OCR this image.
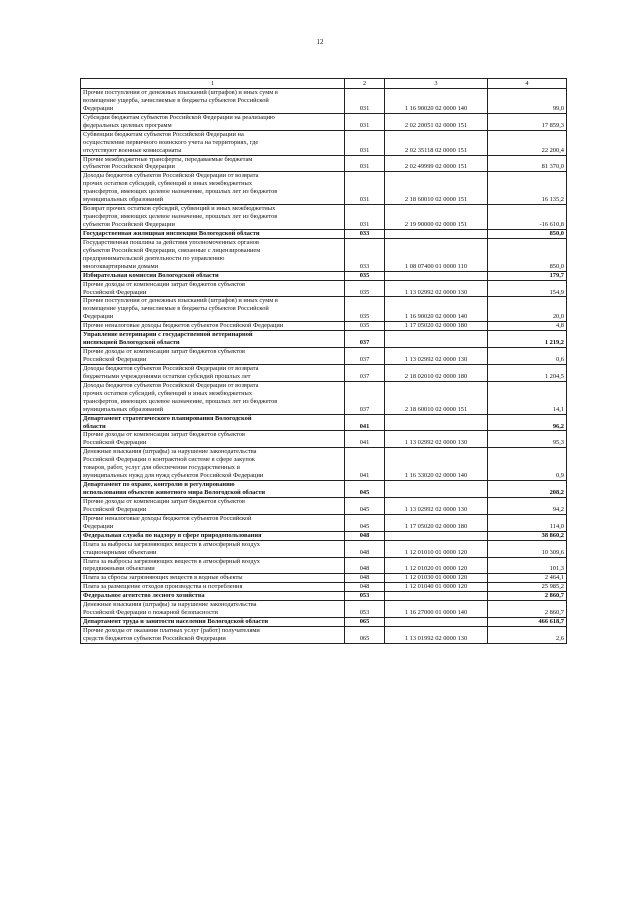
12
1	2	3	4
Прочие поступления от денежных взысканий (штрафов) и иных сумм в
возмещение ущерба, зачисляемые в бюджеты субъектов Российской
Федерации	031	1 16 90020 02 0000 140	99,0
Субсидии бюджетам субъектов Российской Федерации на реализацию
федеральных целевых программ	031	2 02 20051 02 0000 151	17 859,3
Субвенции бюджетам субъектов Российской Федерации на
осуществление первичного воинского учета на территориях, где
отсутствуют военные комиссариаты	031	2 02 35118 02 0000 151	22 200,4
Прочие межбюджетные трансферты, передаваемые бюджетам
субъектов Российской Федерации	031	2 02 49999 02 0000 151	81 370,0
Доходы бюджетов субъектов Российской Федерации от возврата
прочих остатков субсидий, субвенций и иных межбюджетных
трансфертов, имеющих целевое назначение, прошлых лет из бюджетов
муниципальных образований	031	2 18 60010 02 0000 151	16 135,2
Возврат прочих остатков субсидий, субвенций и иных межбюджетных
трансфертов, имеющих целевое назначение, прошлых лет из бюджетов
субъектов Российской Федерации	031	2 19 90000 02 0000 151	-16 610,8
Государственная жилищная инспекция Вологодской области	033		850,0
Государственная пошлина за действия уполномоченных органов
субъектов Российской Федерации, связанные с лицензированием
предпринимательской деятельности по управлению
многоквартирными домами	033	1 08 07400 01 0000 110	850,0
Избирательная комиссия Вологодской области	035		179,7
Прочие доходы от компенсации затрат бюджетов субъектов
Российской Федерации	035	1 13 02992 02 0000 130	154,9
Прочие поступления от денежных взысканий (штрафов) и иных сумм в
возмещение ущерба, зачисляемые в бюджеты субъектов Российской
Федерации	035	1 16 90020 02 0000 140	20,0
Прочие неналоговые доходы бюджетов субъектов Российской Федерации	035	1 17 05020 02 0000 180	4,8
Управление ветеринарии с государственной ветеринарной
инспекцией Вологодской области	037		1 219,2
Прочие доходы от компенсации затрат бюджетов субъектов
Российской Федерации	037	1 13 02992 02 0000 130	0,6
Доходы бюджетов субъектов Российской Федерации от возврата
бюджетными учреждениями остатков субсидий прошлых лет	037	2 18 02010 02 0000 180	1 204,5
Доходы бюджетов субъектов Российской Федерации от возврата
прочих остатков субсидий, субвенций и иных межбюджетных
трансфертов, имеющих целевое назначение, прошлых лет из бюджетов
муниципальных образований	037	2 18 60010 02 0000 151	14,1
Департамент стратегического планирования Вологодской
области	041		96,2
Прочие доходы от компенсации затрат бюджетов субъектов
Российской Федерации	041	1 13 02992 02 0000 130	95,3
Денежные взыскания (штрафы) за нарушение законодательства
Российской Федерации о контрактной системе в сфере закупок
товаров, работ, услуг для обеспечения государственных и
муниципальных нужд для нужд субъектов Российской Федерации	041	1 16 33020 02 0000 140	0,9
Департамент по охране, контролю и регулированию
использования объектов животного мира Вологодской области	045		208,2
Прочие доходы от компенсации затрат бюджетов субъектов
Российской Федерации	045	1 13 02992 02 0000 130	94,2
Прочие неналоговые доходы бюджетов субъектов Российской
Федерации	045	1 17 05020 02 0000 180	114,0
Федеральная служба по надзору в сфере природопользования	048		38 860,2
Плата за выбросы загрязняющих веществ в атмосферный воздух
стационарными объектами	048	1 12 01010 01 0000 120	10 309,6
Плата за выбросы загрязняющих веществ в атмосферный воздух
передвижными объектами	048	1 12 01020 01 0000 120	101,3
Плата за сбросы загрязняющих веществ в водные объекты	048	1 12 01030 01 0000 120	2 464,1
Плата за размещение отходов производства и потребления	048	1 12 01040 01 0000 120	25 985,2
Федеральное агентство лесного хозяйства	053		2 860,7
Денежные взыскания (штрафы) за нарушение законодательства
Российской Федерации о пожарной безопасности	053	1 16 27000 01 0000 140	2 860,7
Департамент труда и занятости населения Вологодской области	065		466 618,7
Прочие доходы от оказания платных услуг (работ) получателями
средств бюджетов субъектов Российской Федерации	065	1 13 01992 02 0000 130	2,6
